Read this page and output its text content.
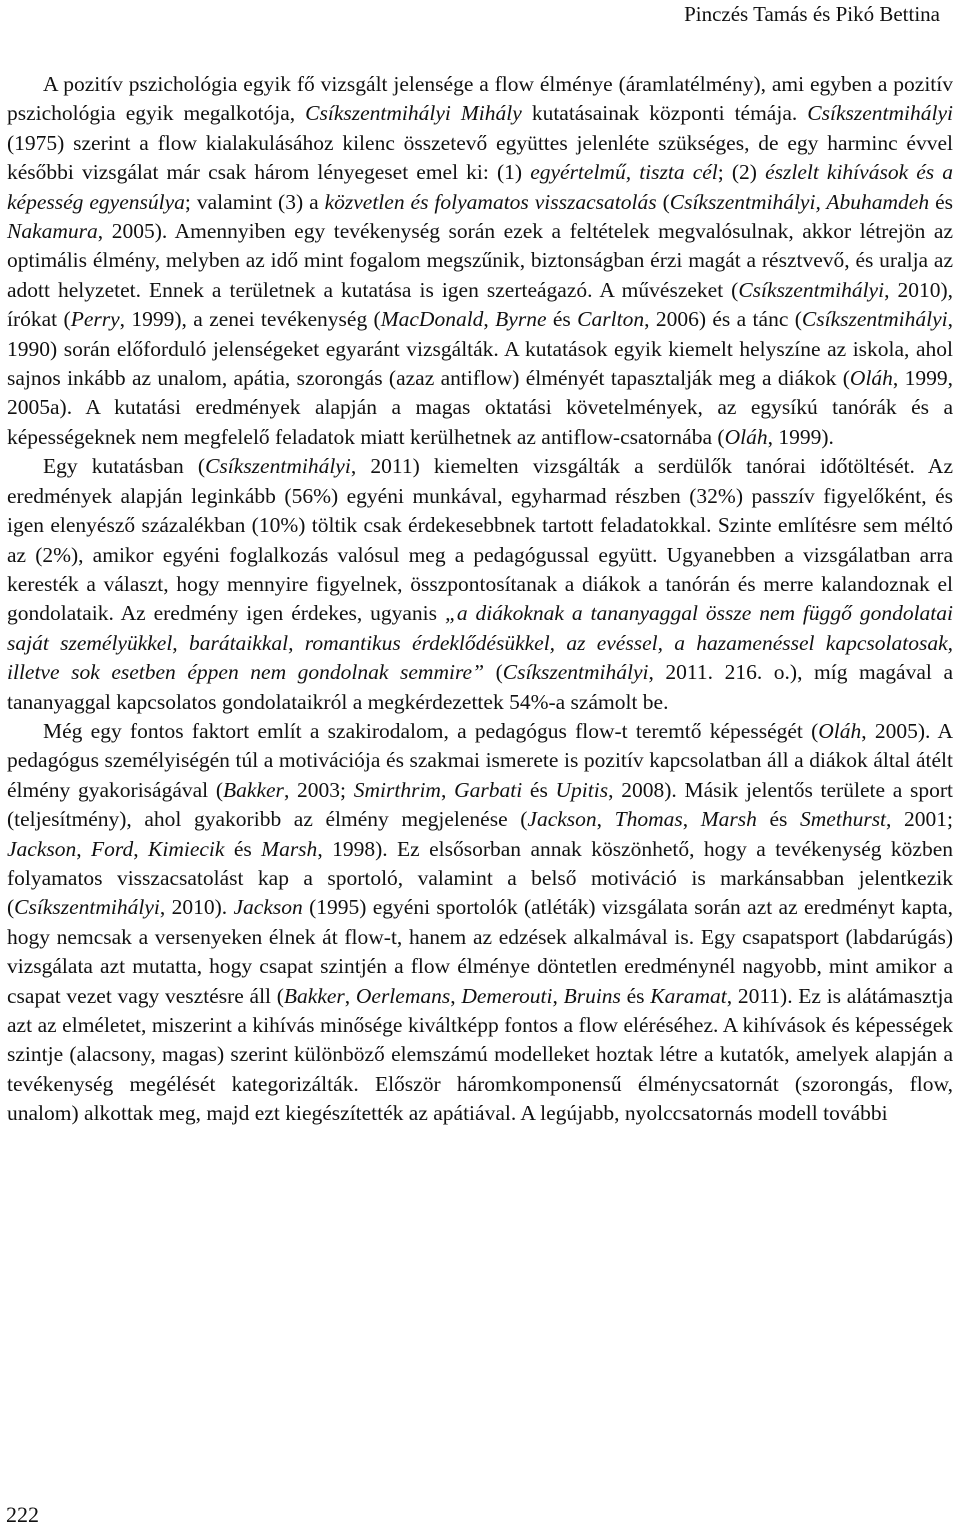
Pinczés Tamás és Pikó Bettina

A pozitív pszichológia egyik fő vizsgált jelensége a flow élménye (áramlatélmény), ami egyben a pozitív pszichológia egyik megalkotója, Csíkszentmihályi Mihály kutatásainak központi témája. Csíkszentmihályi (1975) szerint a flow kialakulásához kilenc összetevő együttes jelenléte szükséges, de egy harminc évvel későbbi vizsgálat már csak három lényegeset emel ki: (1) egyértelmű, tiszta cél; (2) észlelt kihívások és a képesség egyensúlya; valamint (3) a közvetlen és folyamatos visszacsatolás (Csíkszentmihályi, Abuhamdeh és Nakamura, 2005). Amennyiben egy tevékenység során ezek a feltételek megvalósulnak, akkor létrejön az optimális élmény, melyben az idő mint fogalom megszűnik, biztonságban érzi magát a résztvevő, és uralja az adott helyzetet. Ennek a területnek a kutatása is igen szerteágazó. A művészeket (Csíkszentmihályi, 2010), írókat (Perry, 1999), a zenei tevékenység (MacDonald, Byrne és Carlton, 2006) és a tánc (Csíkszentmihályi, 1990) során előforduló jelenségeket egyaránt vizsgálták. A kutatások egyik kiemelt helyszíne az iskola, ahol sajnos inkább az unalom, apátia, szorongás (azaz antiflow) élményét tapasztalják meg a diákok (Oláh, 1999, 2005a). A kutatási eredmények alapján a magas oktatási követelmények, az egysíkú tanórák és a képességeknek nem megfelelő feladatok miatt kerülhetnek az antiflow-csatornába (Oláh, 1999).

Egy kutatásban (Csíkszentmihályi, 2011) kiemelten vizsgálták a serdülők tanórai időtöltését. Az eredmények alapján leginkább (56%) egyéni munkával, egyharmad részben (32%) passzív figyelőként, és igen elenyésző százalékban (10%) töltik csak érdekesebbnek tartott feladatokkal. Szinte említésre sem méltó az (2%), amikor egyéni foglalkozás valósul meg a pedagógussal együtt. Ugyanebben a vizsgálatban arra keresték a választ, hogy mennyire figyelnek, összpontosítanak a diákok a tanórán és merre kalandoznak el gondolataik. Az eredmény igen érdekes, ugyanis „a diákoknak a tananyaggal össze nem függő gondolatai saját személyükkel, barátaikkal, romantikus érdeklődésükkel, az evéssel, a hazamenéssel kapcsolatosak, illetve sok esetben éppen nem gondolnak semmire” (Csíkszentmihályi, 2011. 216. o.), míg magával a tananyaggal kapcsolatos gondolataikról a megkérdezettek 54%-a számolt be.

Még egy fontos faktort említ a szakirodalom, a pedagógus flow-t teremtő képességét (Oláh, 2005). A pedagógus személyiségén túl a motivációja és szakmai ismerete is pozitív kapcsolatban áll a diákok által átélt élmény gyakoriságával (Bakker, 2003; Smirthrim, Garbati és Upitis, 2008). Másik jelentős területe a sport (teljesítmény), ahol gyakoribb az élmény megjelenése (Jackson, Thomas, Marsh és Smethurst, 2001; Jackson, Ford, Kimiecik és Marsh, 1998). Ez elsősorban annak köszönhető, hogy a tevékenység közben folyamatos visszacsatolást kap a sportoló, valamint a belső motiváció is markánsabban jelentkezik (Csíkszentmihályi, 2010). Jackson (1995) egyéni sportolók (atléták) vizsgálata során azt az eredményt kapta, hogy nemcsak a versenyeken élnek át flow-t, hanem az edzések alkalmával is. Egy csapatsport (labdarúgás) vizsgálata azt mutatta, hogy csapat szintjén a flow élménye döntetlen eredménynél nagyobb, mint amikor a csapat vezet vagy vesztésre áll (Bakker, Oerlemans, Demerouti, Bruins és Karamat, 2011). Ez is alátámasztja azt az elméletet, miszerint a kihívás minősége kiváltképp fontos a flow eléréséhez. A kihívások és képességek szintje (alacsony, magas) szerint különböző elemszámú modelleket hoztak létre a kutatók, amelyek alapján a tevékenység megélését kategorizálták. Először háromkomponensű élménycsatornát (szorongás, flow, unalom) alkottak meg, majd ezt kiegészítették az apátiával. A legújabb, nyolccsatornás modell további

222
